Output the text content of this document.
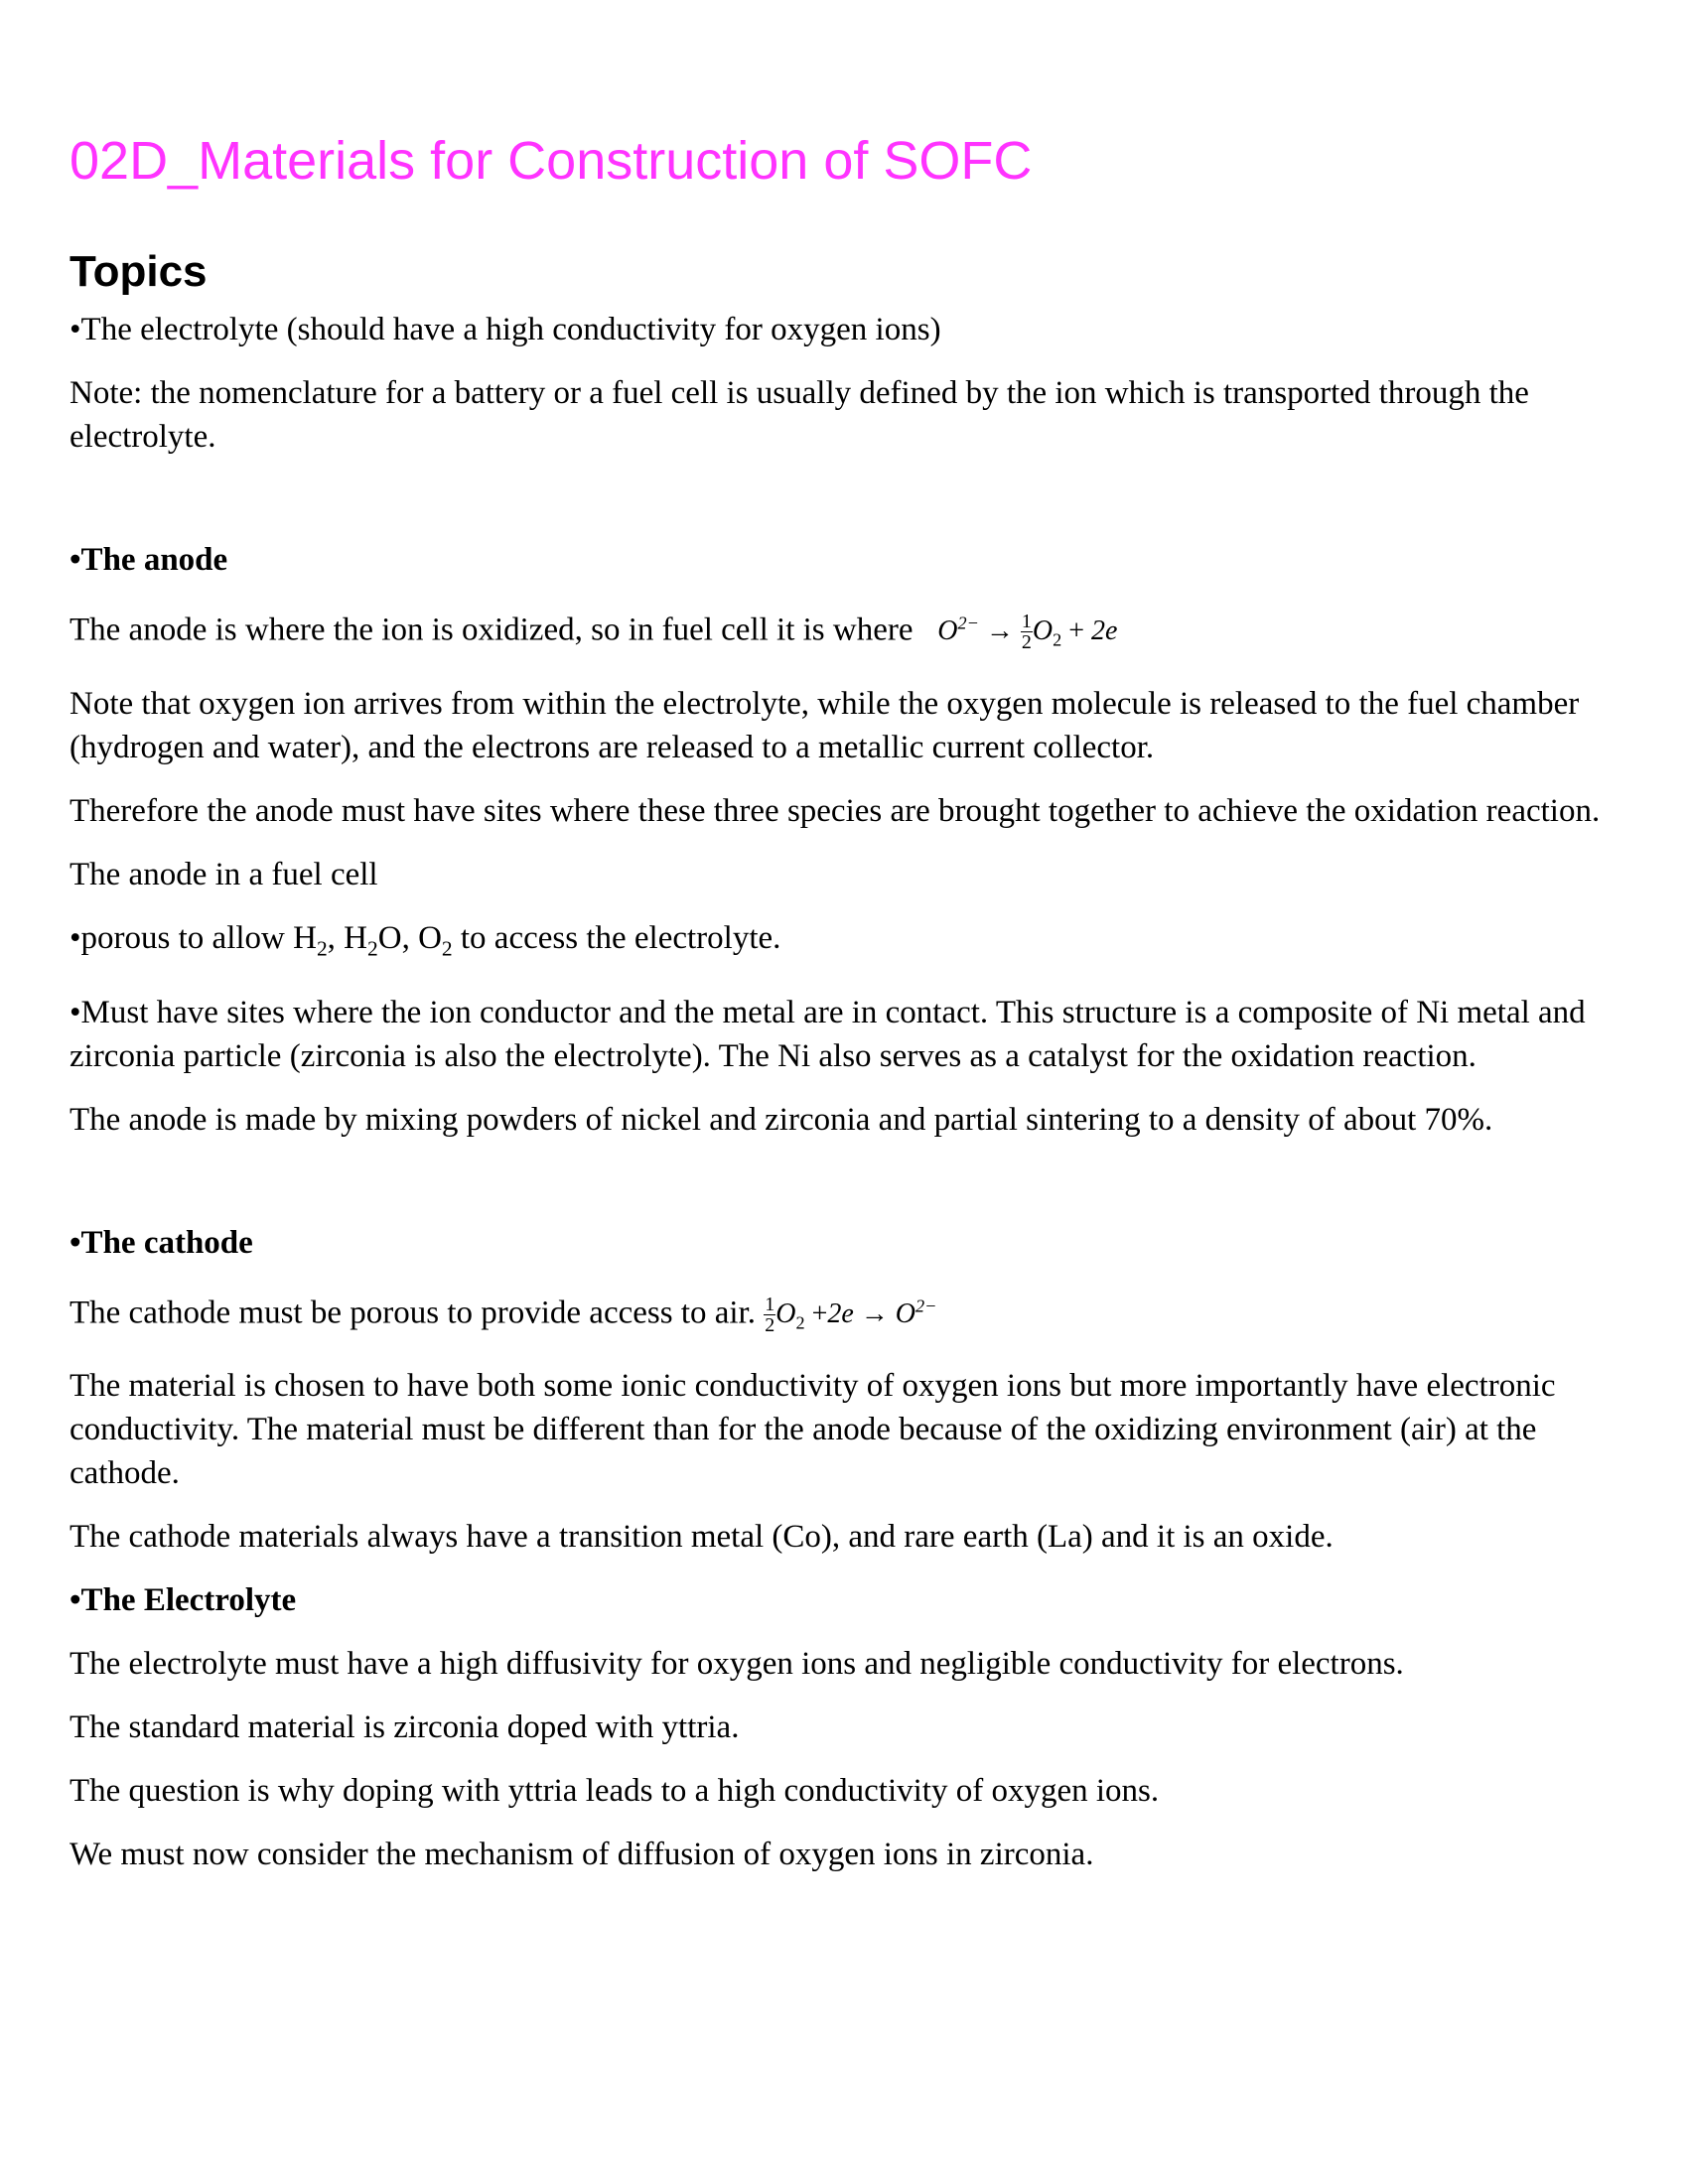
02D_Materials for Construction of SOFC
Topics

•The electrolyte (should have a high conductivity for oxygen ions)

Note: the nomenclature for a battery or a fuel cell is usually defined by the ion which is transported through the electrolyte.

•The anode

The anode is where the ion is oxidized, so in fuel cell it is where $O^{2-} \to \frac{1}{2} O_2 + 2e$

Note that oxygen ion arrives from within the electrolyte, while the oxygen molecule is released to the fuel chamber (hydrogen and water), and the electrons are released to a metallic current collector.

Therefore the anode must have sites where these three species are brought together to achieve the oxidation reaction.

The anode in a fuel cell

•porous to allow $H_2$, $H_2O$, $O_2$ to access the electrolyte.

•Must have sites where the ion conductor and the metal are in contact. This structure is a composite of Ni metal and zirconia particle (zirconia is also the electrolyte). The Ni also serves as a catalyst for the oxidation reaction.

The anode is made by mixing powders of nickel and zirconia and partial sintering to a density of about 70%.

•The cathode

The cathode must be porous to provide access to air. $\frac{1}{2} O_2 +2e \to O^{2-}$

The material is chosen to have both some ionic conductivity of oxygen ions but more importantly have electronic conductivity. The material must be different than for the anode because of the oxidizing environment (air) at the cathode.

The cathode materials always have a transition metal (Co), and rare earth (La) and it is an oxide.

•The Electrolyte

The electrolyte must have a high diffusivity for oxygen ions and negligible conductivity for electrons.

The standard material is zirconia doped with yttria.

The question is why doping with yttria leads to a high conductivity of oxygen ions.

We must now consider the mechanism of diffusion of oxygen ions in zirconia.
